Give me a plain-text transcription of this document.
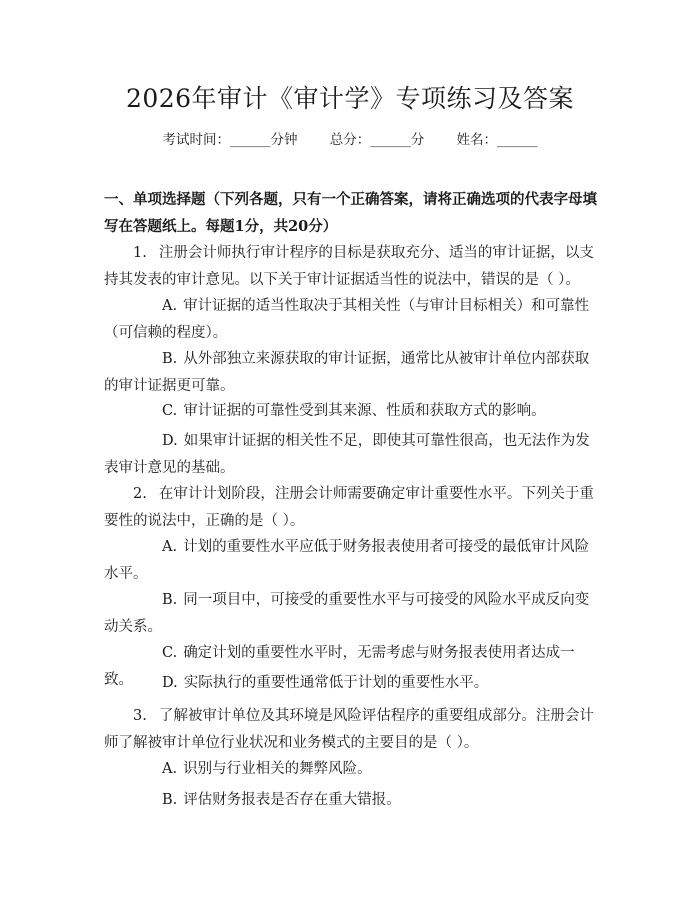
2026年审计《审计学》专项练习及答案
考试时间：______分钟 总分：______分 姓名：______
一、单项选择题（下列各题，只有一个正确答案，请将正确选项的代表字母填写在答题纸上。每题1分，共20分）
1. 注册会计师执行审计程序的目标是获取充分、适当的审计证据，以支持其发表的审计意见。以下关于审计证据适当性的说法中，错误的是（ ）。
A. 审计证据的适当性取决于其相关性（与审计目标相关）和可靠性（可信赖的程度）。
B. 从外部独立来源获取的审计证据，通常比从被审计单位内部获取的审计证据更可靠。
C. 审计证据的可靠性受到其来源、性质和获取方式的影响。
D. 如果审计证据的相关性不足，即使其可靠性很高，也无法作为发表审计意见的基础。
2. 在审计计划阶段，注册会计师需要确定审计重要性水平。下列关于重要性的说法中，正确的是（ ）。
A. 计划的重要性水平应低于财务报表使用者可接受的最低审计风险水平。
B. 同一项目中，可接受的重要性水平与可接受的风险水平成反向变动关系。
C. 确定计划的重要性水平时，无需考虑与财务报表使用者达成一致。	D. 实际执行的重要性通常低于计划的重要性水平。
3. 了解被审计单位及其环境是风险评估程序的重要组成部分。注册会计师了解被审计单位行业状况和业务模式的主要目的是（ ）。
A. 识别与行业相关的舞弊风险。
B. 评估财务报表是否存在重大错报。
